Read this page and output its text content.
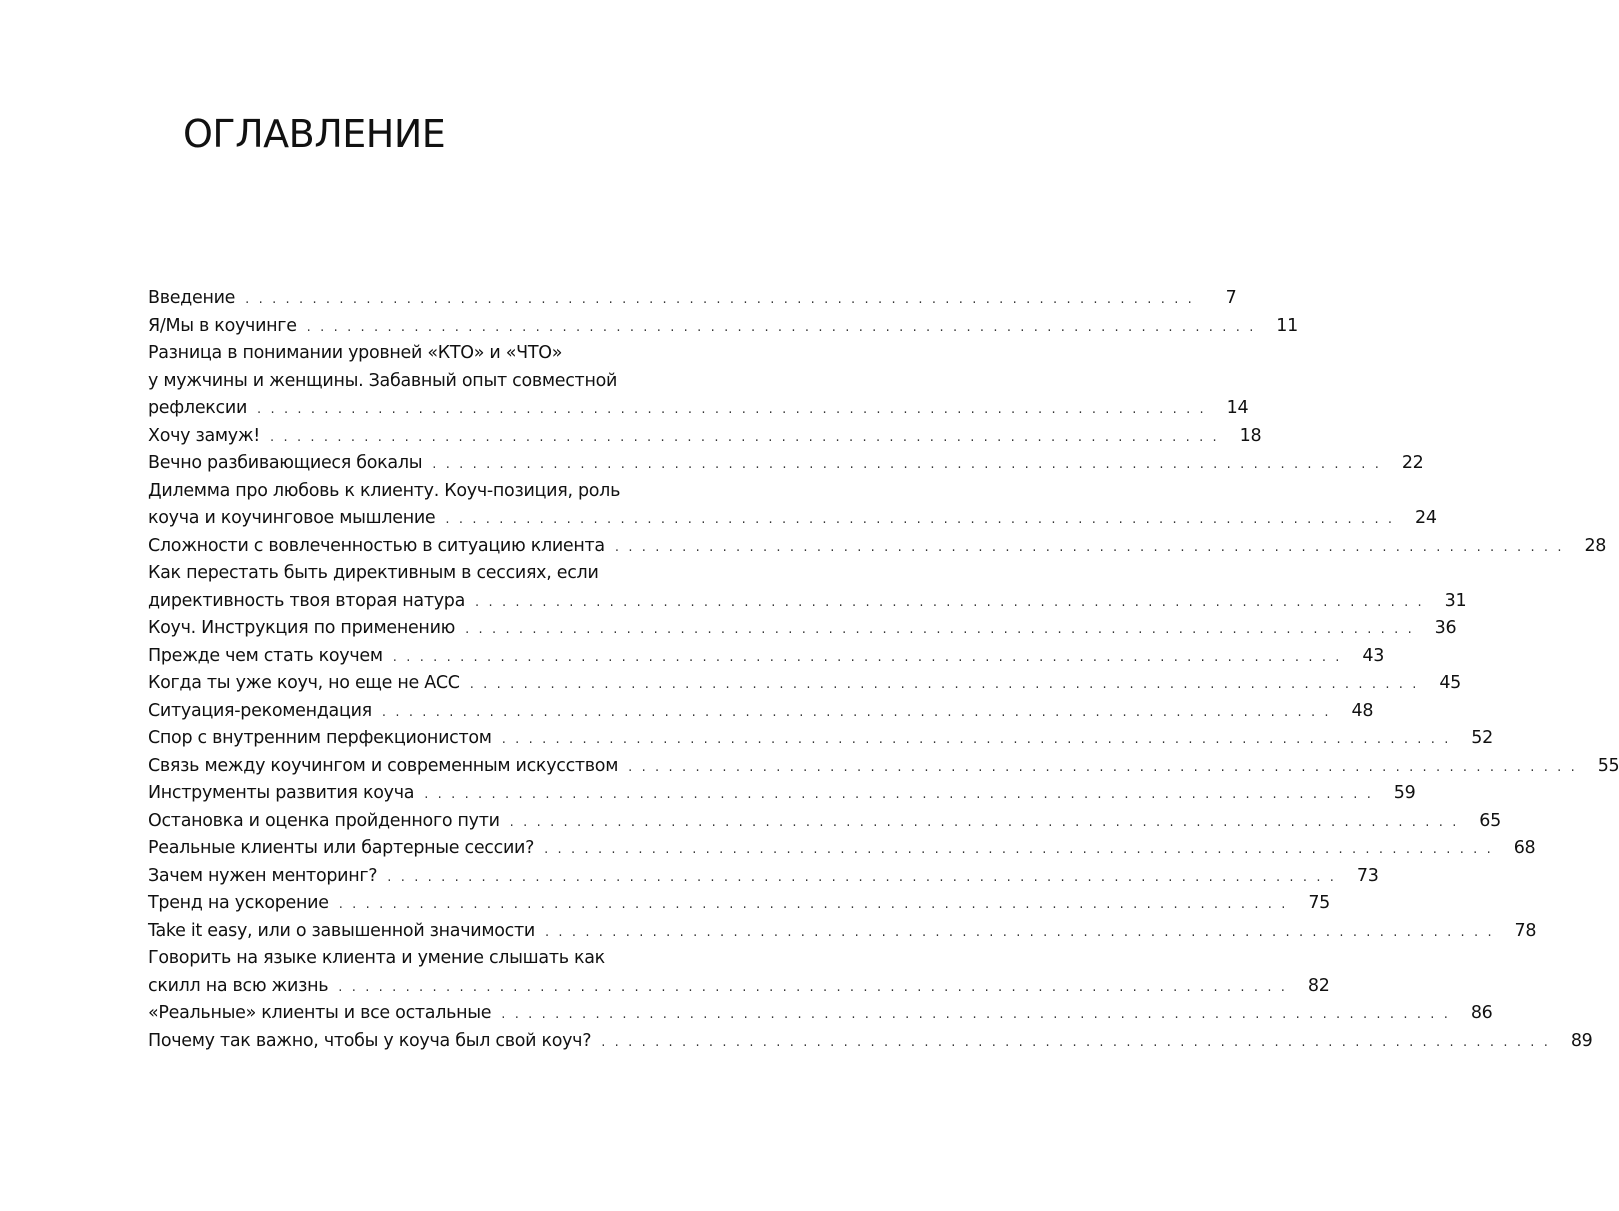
ОГЛАВЛЕНИЕ
Введение . . . . . . . . . . . . . . . . . . . . . . . . . . . . . . . . . . . . . . . . . . . . . . . . . . . . . . . . . . . . . . . . . . . . . . .	7
Я/Мы в коучинге . . . . . . . . . . . . . . . . . . . . . . . . . . . . . . . . . . . . . . . . . . . . . . . . . . . . . . . . . . . . . . . . . . . . . . . 11
Разница в понимании уровней «КТО» и «ЧТО»
у мужчины и женщины. Забавный опыт совместной
рефлексии . . . . . . . . . . . . . . . . . . . . . . . . . . . . . . . . . . . . . . . . . . . . . . . . . . . . . . . . . . . . . . . . . . . . . . . 14
Хочу замуж! . . . . . . . . . . . . . . . . . . . . . . . . . . . . . . . . . . . . . . . . . . . . . . . . . . . . . . . . . . . . . . . . . . . . . . . 18
Вечно разбивающиеся бокалы . . . . . . . . . . . . . . . . . . . . . . . . . . . . . . . . . . . . . . . . . . . . . . . . . . . . . . . . . . . . . . . . . . . . . . . 22
Дилемма про любовь к клиенту. Коуч-позиция, роль
коуча и коучинговое мышление . . . . . . . . . . . . . . . . . . . . . . . . . . . . . . . . . . . . . . . . . . . . . . . . . . . . . . . . . . . . . . . . . . . . . . . 24
Сложности с вовлеченностью в ситуацию клиента . . . . . . . . . . . . . . . . . . . . . . . . . . . . . . . . . . . . . . . . . . . . . . . . . . . . . . . . . . . . . . . . . . . . . . . 28
Как перестать быть директивным в сессиях, если
директивность твоя вторая натура . . . . . . . . . . . . . . . . . . . . . . . . . . . . . . . . . . . . . . . . . . . . . . . . . . . . . . . . . . . . . . . . . . . . . . . 31
Коуч. Инструкция по применению . . . . . . . . . . . . . . . . . . . . . . . . . . . . . . . . . . . . . . . . . . . . . . . . . . . . . . . . . . . . . . . . . . . . . . . 36
Прежде чем стать коучем . . . . . . . . . . . . . . . . . . . . . . . . . . . . . . . . . . . . . . . . . . . . . . . . . . . . . . . . . . . . . . . . . . . . . . . 43
Когда ты уже коуч, но еще не АСС . . . . . . . . . . . . . . . . . . . . . . . . . . . . . . . . . . . . . . . . . . . . . . . . . . . . . . . . . . . . . . . . . . . . . . . 45
Ситуация-рекомендация . . . . . . . . . . . . . . . . . . . . . . . . . . . . . . . . . . . . . . . . . . . . . . . . . . . . . . . . . . . . . . . . . . . . . . . 48
Спор с внутренним перфекционистом . . . . . . . . . . . . . . . . . . . . . . . . . . . . . . . . . . . . . . . . . . . . . . . . . . . . . . . . . . . . . . . . . . . . . . . 52
Связь между коучингом и современным искусством . . . . . . . . . . . . . . . . . . . . . . . . . . . . . . . . . . . . . . . . . . . . . . . . . . . . . . . . . . . . . . . . . . . . . . . 55
Инструменты развития коуча . . . . . . . . . . . . . . . . . . . . . . . . . . . . . . . . . . . . . . . . . . . . . . . . . . . . . . . . . . . . . . . . . . . . . . . 59
Остановка и оценка пройденного пути . . . . . . . . . . . . . . . . . . . . . . . . . . . . . . . . . . . . . . . . . . . . . . . . . . . . . . . . . . . . . . . . . . . . . . . 65
Реальные клиенты или бартерные сессии? . . . . . . . . . . . . . . . . . . . . . . . . . . . . . . . . . . . . . . . . . . . . . . . . . . . . . . . . . . . . . . . . . . . . . . . 68
Зачем нужен менторинг? . . . . . . . . . . . . . . . . . . . . . . . . . . . . . . . . . . . . . . . . . . . . . . . . . . . . . . . . . . . . . . . . . . . . . . . 73
Тренд на ускорение . . . . . . . . . . . . . . . . . . . . . . . . . . . . . . . . . . . . . . . . . . . . . . . . . . . . . . . . . . . . . . . . . . . . . . . 75
Take it easy, или о завышенной значимости . . . . . . . . . . . . . . . . . . . . . . . . . . . . . . . . . . . . . . . . . . . . . . . . . . . . . . . . . . . . . . . . . . . . . . . 78
Говорить на языке клиента и умение слышать как
скилл на всю жизнь . . . . . . . . . . . . . . . . . . . . . . . . . . . . . . . . . . . . . . . . . . . . . . . . . . . . . . . . . . . . . . . . . . . . . . . 82
«Реальные» клиенты и все остальные . . . . . . . . . . . . . . . . . . . . . . . . . . . . . . . . . . . . . . . . . . . . . . . . . . . . . . . . . . . . . . . . . . . . . . . 86
Почему так важно, чтобы у коуча был свой коуч? . . . . . . . . . . . . . . . . . . . . . . . . . . . . . . . . . . . . . . . . . . . . . . . . . . . . . . . . . . . . . . . . . . . . . . . 89
